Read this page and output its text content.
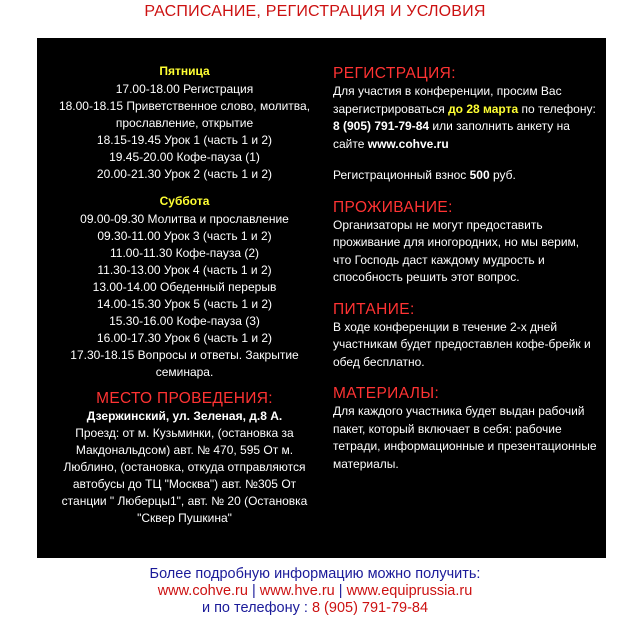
РАСПИСАНИЕ, РЕГИСТРАЦИЯ И УСЛОВИЯ
Пятница
17.00-18.00 Регистрация
18.00-18.15 Приветственное слово, молитва,
прославление, открытие
18.15-19.45 Урок 1 (часть 1 и 2)
19.45-20.00 Кофе-пауза (1)
20.00-21.30 Урок 2 (часть 1 и 2)
Суббота
09.00-09.30 Молитва и прославление
09.30-11.00 Урок 3 (часть 1 и 2)
11.00-11.30 Кофе-пауза (2)
11.30-13.00 Урок 4 (часть 1 и 2)
13.00-14.00 Обеденный перерыв
14.00-15.30 Урок 5 (часть 1 и 2)
15.30-16.00 Кофе-пауза (3)
16.00-17.30 Урок 6 (часть 1 и 2)
17.30-18.15 Вопросы и ответы. Закрытие
семинара.
МЕСТО ПРОВЕДЕНИЯ:
Дзержинский, ул. Зеленая, д.8 А.
Проезд: от м. Кузьминки, (остановка за
Макдональдсом) авт. № 470, 595 От м.
Люблино, (остановка, откуда отправляются
автобусы до ТЦ "Москва") авт. №305 От
станции " Люберцы1", авт. № 20 (Остановка
"Сквер Пушкина"
РЕГИСТРАЦИЯ:
Для участия в конференции, просим Вас зарегистрироваться до 28 марта по телефону: 8 (905) 791-79-84 или заполнить анкету на сайте www.cohve.ru
Регистрационный взнос 500 руб.
ПРОЖИВАНИЕ:
Организаторы не могут предоставить проживание для иногородних, но мы верим, что Господь даст каждому мудрость и способность решить этот вопрос.
ПИТАНИЕ:
В ходе конференции в течение 2-х дней участникам будет предоставлен кофе-брейк и обед бесплатно.
МАТЕРИАЛЫ:
Для каждого участника будет выдан рабочий пакет, который включает в себя: рабочие тетради, информационные и презентационные материалы.
Более подробную информацию можно получить:
www.cohve.ru | www.hve.ru | www.equiprussia.ru
и по телефону : 8 (905) 791-79-84
